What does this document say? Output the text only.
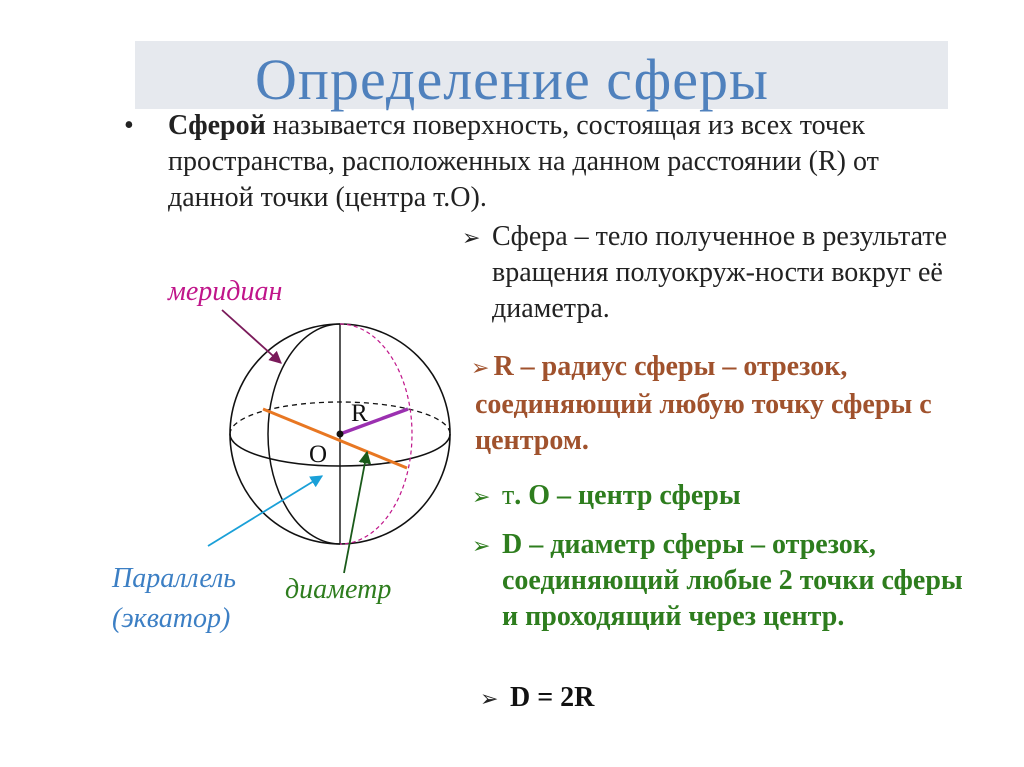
Определение сферы
• Сферой называется поверхность, состоящая из всех точек пространства, расположенных на данном расстоянии (R) от данной точки (центра т.О).
➢ Сфера – тело полученное в результате вращения полуокруж-ности вокруг её диаметра.
➢ R – радиус сферы – отрезок, соединяющий любую точку сферы с центром.
➢ т. О – центр сферы
➢ D – диаметр сферы – отрезок, соединяющий любые 2 точки сферы и проходящий через центр.
➢ D = 2R
R
O
меридиан
Параллель
(экватор)
диаметр
